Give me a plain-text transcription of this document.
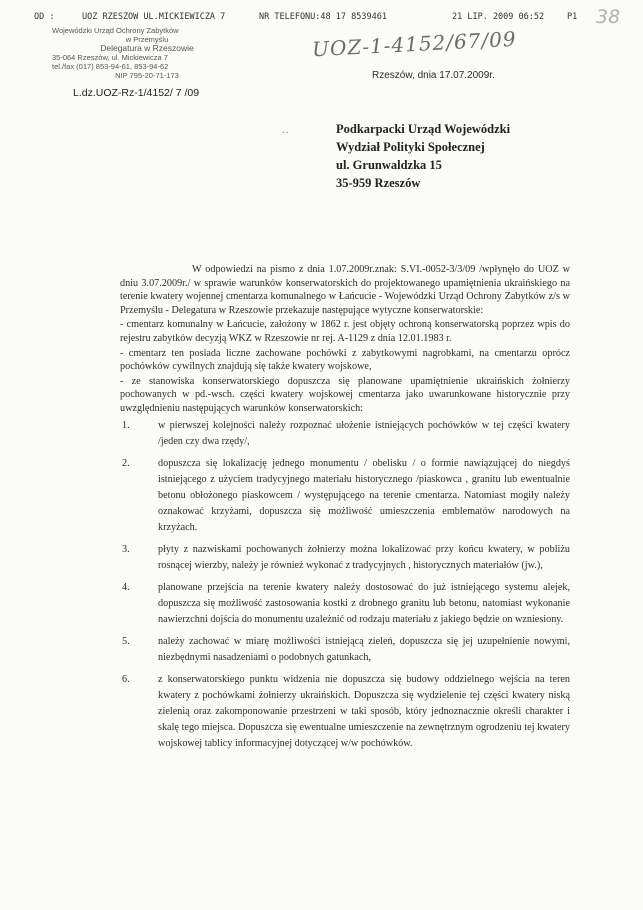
OD :	UOZ RZESZOW UL.MICKIEWICZA 7	NR TELEFONU:48 17 8539461	21 LIP. 2009 06:52	P1 38
Wojewódzki Urząd Ochrony Zabytków
w Przemyślu
Delegatura w Rzeszowie
35-064 Rzeszów, ul. Mickiewicza 7
tel./fax (017) 853-94-61, 853-94-62
NIP 795-20-71-173
L.dz.UOZ-Rz-1/4152/ 7 /09
UOZ-1-4152/67/09
Rzeszów, dnia 17.07.2009r.
··	Podkarpacki Urząd Wojewódzki
Wydział Polityki Społecznej
ul. Grunwaldzka 15
35-959 Rzeszów

W odpowiedzi na pismo z dnia 1.07.2009r.znak: S.VI.-0052-3/3/09 /wpłynęło do UOZ w dniu 3.07.2009r./ w sprawie warunków konserwatorskich do projektowanego upamiętnienia ukraińskiego na terenie kwatery wojennej cmentarza komunalnego w Łańcucie - Wojewódzki Urząd Ochrony Zabytków z/s w Przemyślu - Delegatura w Rzeszowie przekazuje następujące wytyczne konserwatorskie:

- cmentarz komunalny w Łańcucie, założony w 1862 r. jest objęty ochroną konserwatorską poprzez wpis do rejestru zabytków decyzją WKZ w Rzeszowie nr rej. A-1129 z dnia 12.01.1983 r.

- cmentarz ten posiada liczne zachowane pochówki z zabytkowymi nagrobkami, na cmentarzu oprócz pochówków cywilnych znajdują się także kwatery wojskowe,

- ze stanowiska konserwatorskiego dopuszcza się planowane upamiętnienie ukraińskich żołnierzy pochowanych w pd.-wsch. części kwatery wojskowej cmentarza jako uwarunkowane historycznie przy uwzględnieniu następujących warunków konserwatorskich:

1.	w pierwszej kolejności należy rozpoznać ułożenie istniejących pochówków w tej części kwatery /jeden czy dwa rzędy/,
2.	dopuszcza się lokalizację jednego monumentu / obelisku / o formie nawiązującej do niegdyś istniejącego z użyciem tradycyjnego materiału historycznego /piaskowca , granitu lub ewentualnie betonu obłożonego piaskowcem / występującego na terenie cmentarza. Natomiast mogiły należy oznakować krzyżami, dopuszcza się możliwość umieszczenia emblematów narodowych na krzyżach.
3.	płyty z nazwiskami pochowanych żołnierzy można lokalizować przy końcu kwatery, w pobliżu rosnącej wierzby, należy je również wykonać z tradycyjnych , historycznych materiałów (jw.),
4.	planowane przejścia na terenie kwatery należy dostosować do już istniejącego systemu alejek, dopuszcza się możliwość zastosowania kostki z drobnego granitu lub betonu, natomiast wykonanie nawierzchni dojścia do monumentu uzależnić od rodzaju materiału z jakiego będzie on wzniesiony.
5.	należy zachować w miarę możliwości istniejącą zieleń, dopuszcza się jej uzupełnienie nowymi, niezbędnymi nasadzeniami o podobnych gatunkach,
6.	z konserwatorskiego punktu widzenia nie dopuszcza się budowy oddzielnego wejścia na teren kwatery z pochówkami żołnierzy ukraińskich. Dopuszcza się wydzielenie tej części kwatery niską zielenią oraz zakomponowanie przestrzeni w taki sposób, który jednoznacznie określi charakter i skalę tego miejsca. Dopuszcza się ewentualne umieszczenie na zewnętrznym ogrodzeniu tej kwatery wojskowej tablicy informacyjnej dotyczącej w/w pochówków.
